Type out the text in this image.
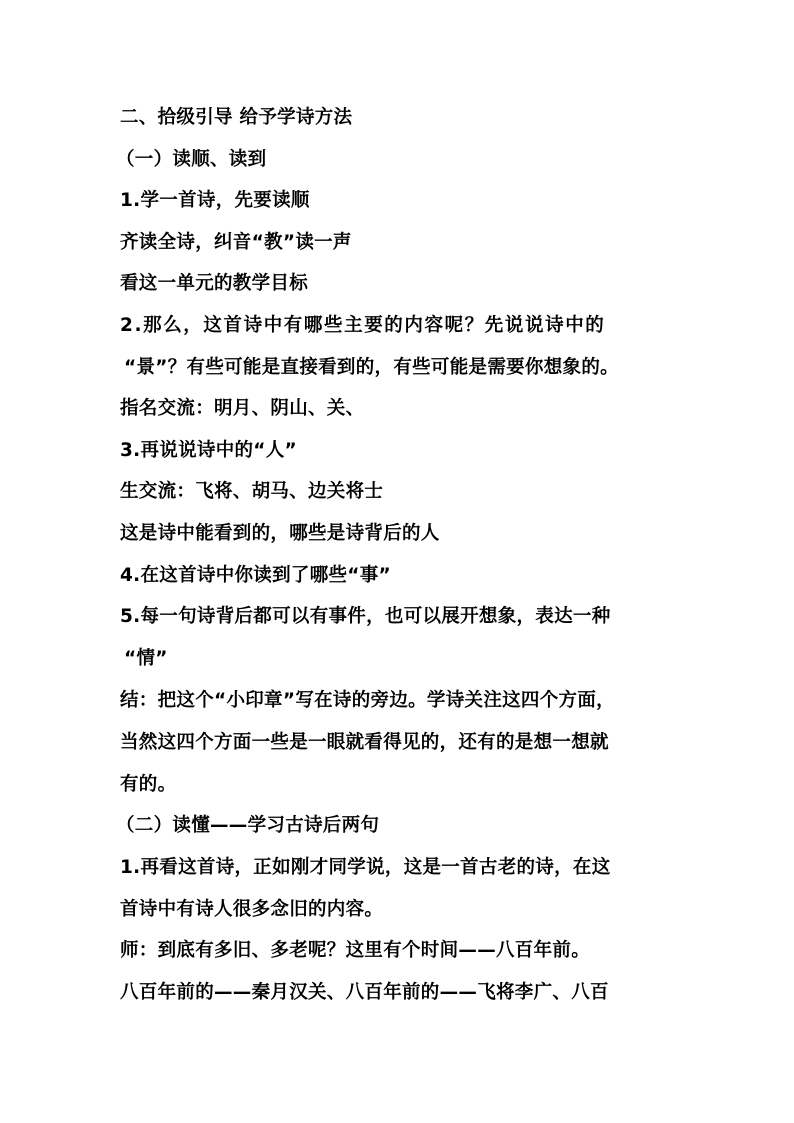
二、拾级引导 给予学诗方法
（一）读顺、读到
1.学一首诗，先要读顺
齐读全诗，纠音“教”读一声
看这一单元的教学目标
2.那么，这首诗中有哪些主要的内容呢？先说说诗中的
“景”？有些可能是直接看到的，有些可能是需要你想象的。
指名交流：明月、阴山、关、
3.再说说诗中的“人”
生交流：飞将、胡马、边关将士
这是诗中能看到的，哪些是诗背后的人
4.在这首诗中你读到了哪些“事”
5.每一句诗背后都可以有事件，也可以展开想象，表达一种
“情”
结：把这个“小印章”写在诗的旁边。学诗关注这四个方面，
当然这四个方面一些是一眼就看得见的，还有的是想一想就
有的。
（二）读懂——学习古诗后两句
1.再看这首诗，正如刚才同学说，这是一首古老的诗，在这
首诗中有诗人很多念旧的内容。
师：到底有多旧、多老呢？这里有个时间——八百年前。
八百年前的——秦月汉关、八百年前的——飞将李广、八百
